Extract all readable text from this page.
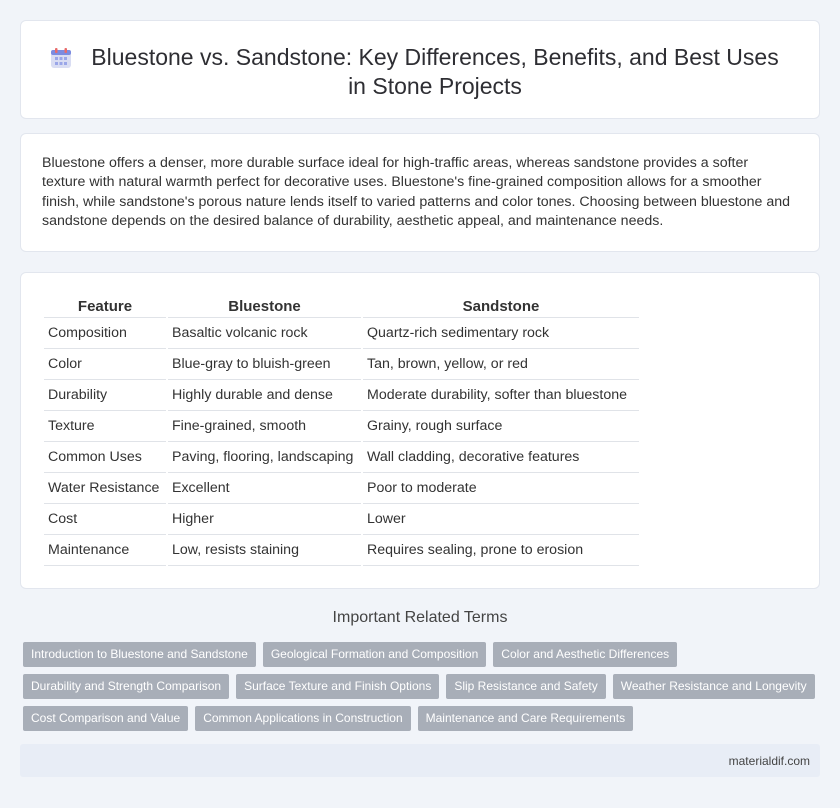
Bluestone vs. Sandstone: Key Differences, Benefits, and Best Uses in Stone Projects

Bluestone offers a denser, more durable surface ideal for high-traffic areas, whereas sandstone provides a softer texture with natural warmth perfect for decorative uses. Bluestone's fine-grained composition allows for a smoother finish, while sandstone's porous nature lends itself to varied patterns and color tones. Choosing between bluestone and sandstone depends on the desired balance of durability, aesthetic appeal, and maintenance needs.

Feature	Bluestone	Sandstone
Composition	Basaltic volcanic rock	Quartz-rich sedimentary rock
Color	Blue-gray to bluish-green	Tan, brown, yellow, or red
Durability	Highly durable and dense	Moderate durability, softer than bluestone
Texture	Fine-grained, smooth	Grainy, rough surface
Common Uses	Paving, flooring, landscaping	Wall cladding, decorative features
Water Resistance	Excellent	Poor to moderate
Cost	Higher	Lower
Maintenance	Low, resists staining	Requires sealing, prone to erosion
Important Related Terms
Introduction to Bluestone and Sandstone	Geological Formation and Composition	Color and Aesthetic Differences
Durability and Strength Comparison	Surface Texture and Finish Options	Slip Resistance and Safety	Weather Resistance and Longevity
Cost Comparison and Value	Common Applications in Construction	Maintenance and Care Requirements
materialdif.com
